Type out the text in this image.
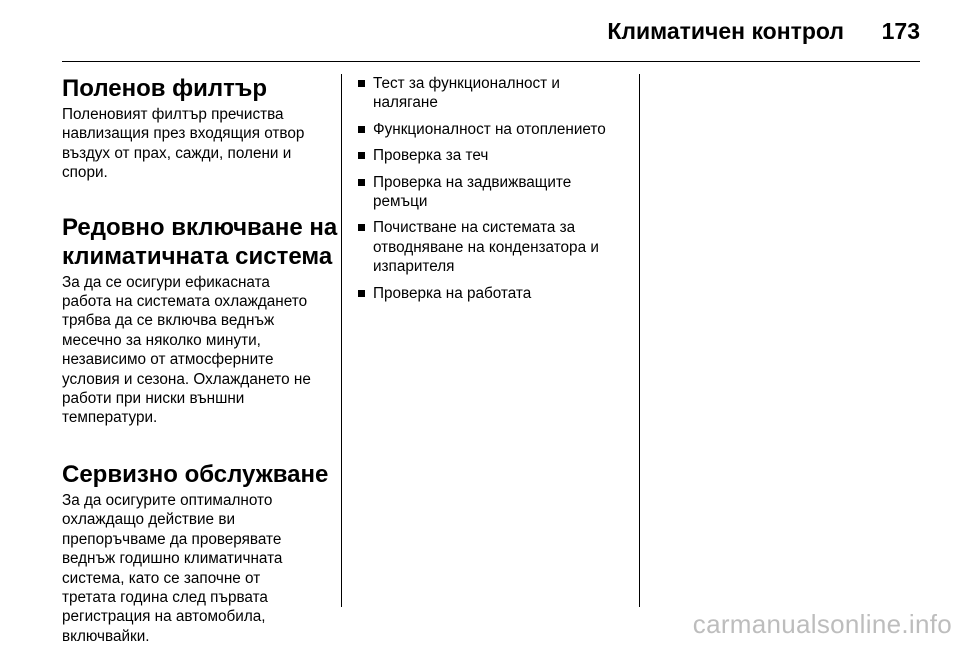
Климатичен контрол 173
Поленов филтър

Поленовият филтър пречиства
навлизащия през входящия отвор
въздух от прах, сажди, полени и
спори.

Редовно включване на
климатичната система

За да се осигури ефикасната
работа на системата охлаждането
трябва да се включва веднъж
месечно за няколко минути,
независимо от атмосферните
условия и сезона. Охлаждането не
работи при ниски външни
температури.

Сервизно обслужване

За да осигурите оптималното
охлаждащо действие ви
препоръчваме да проверявате
веднъж годишно климатичната
система, като се започне от
третата година след първата
регистрация на автомобила,
включвайки.

Тест за функционалност и
налягане
Функционалност на отоплението
Проверка за теч
Проверка на задвижващите
ремъци
Почистване на системата за
отводняване на кондензатора и
изпарителя
Проверка на работата
carmanualsonline.info
